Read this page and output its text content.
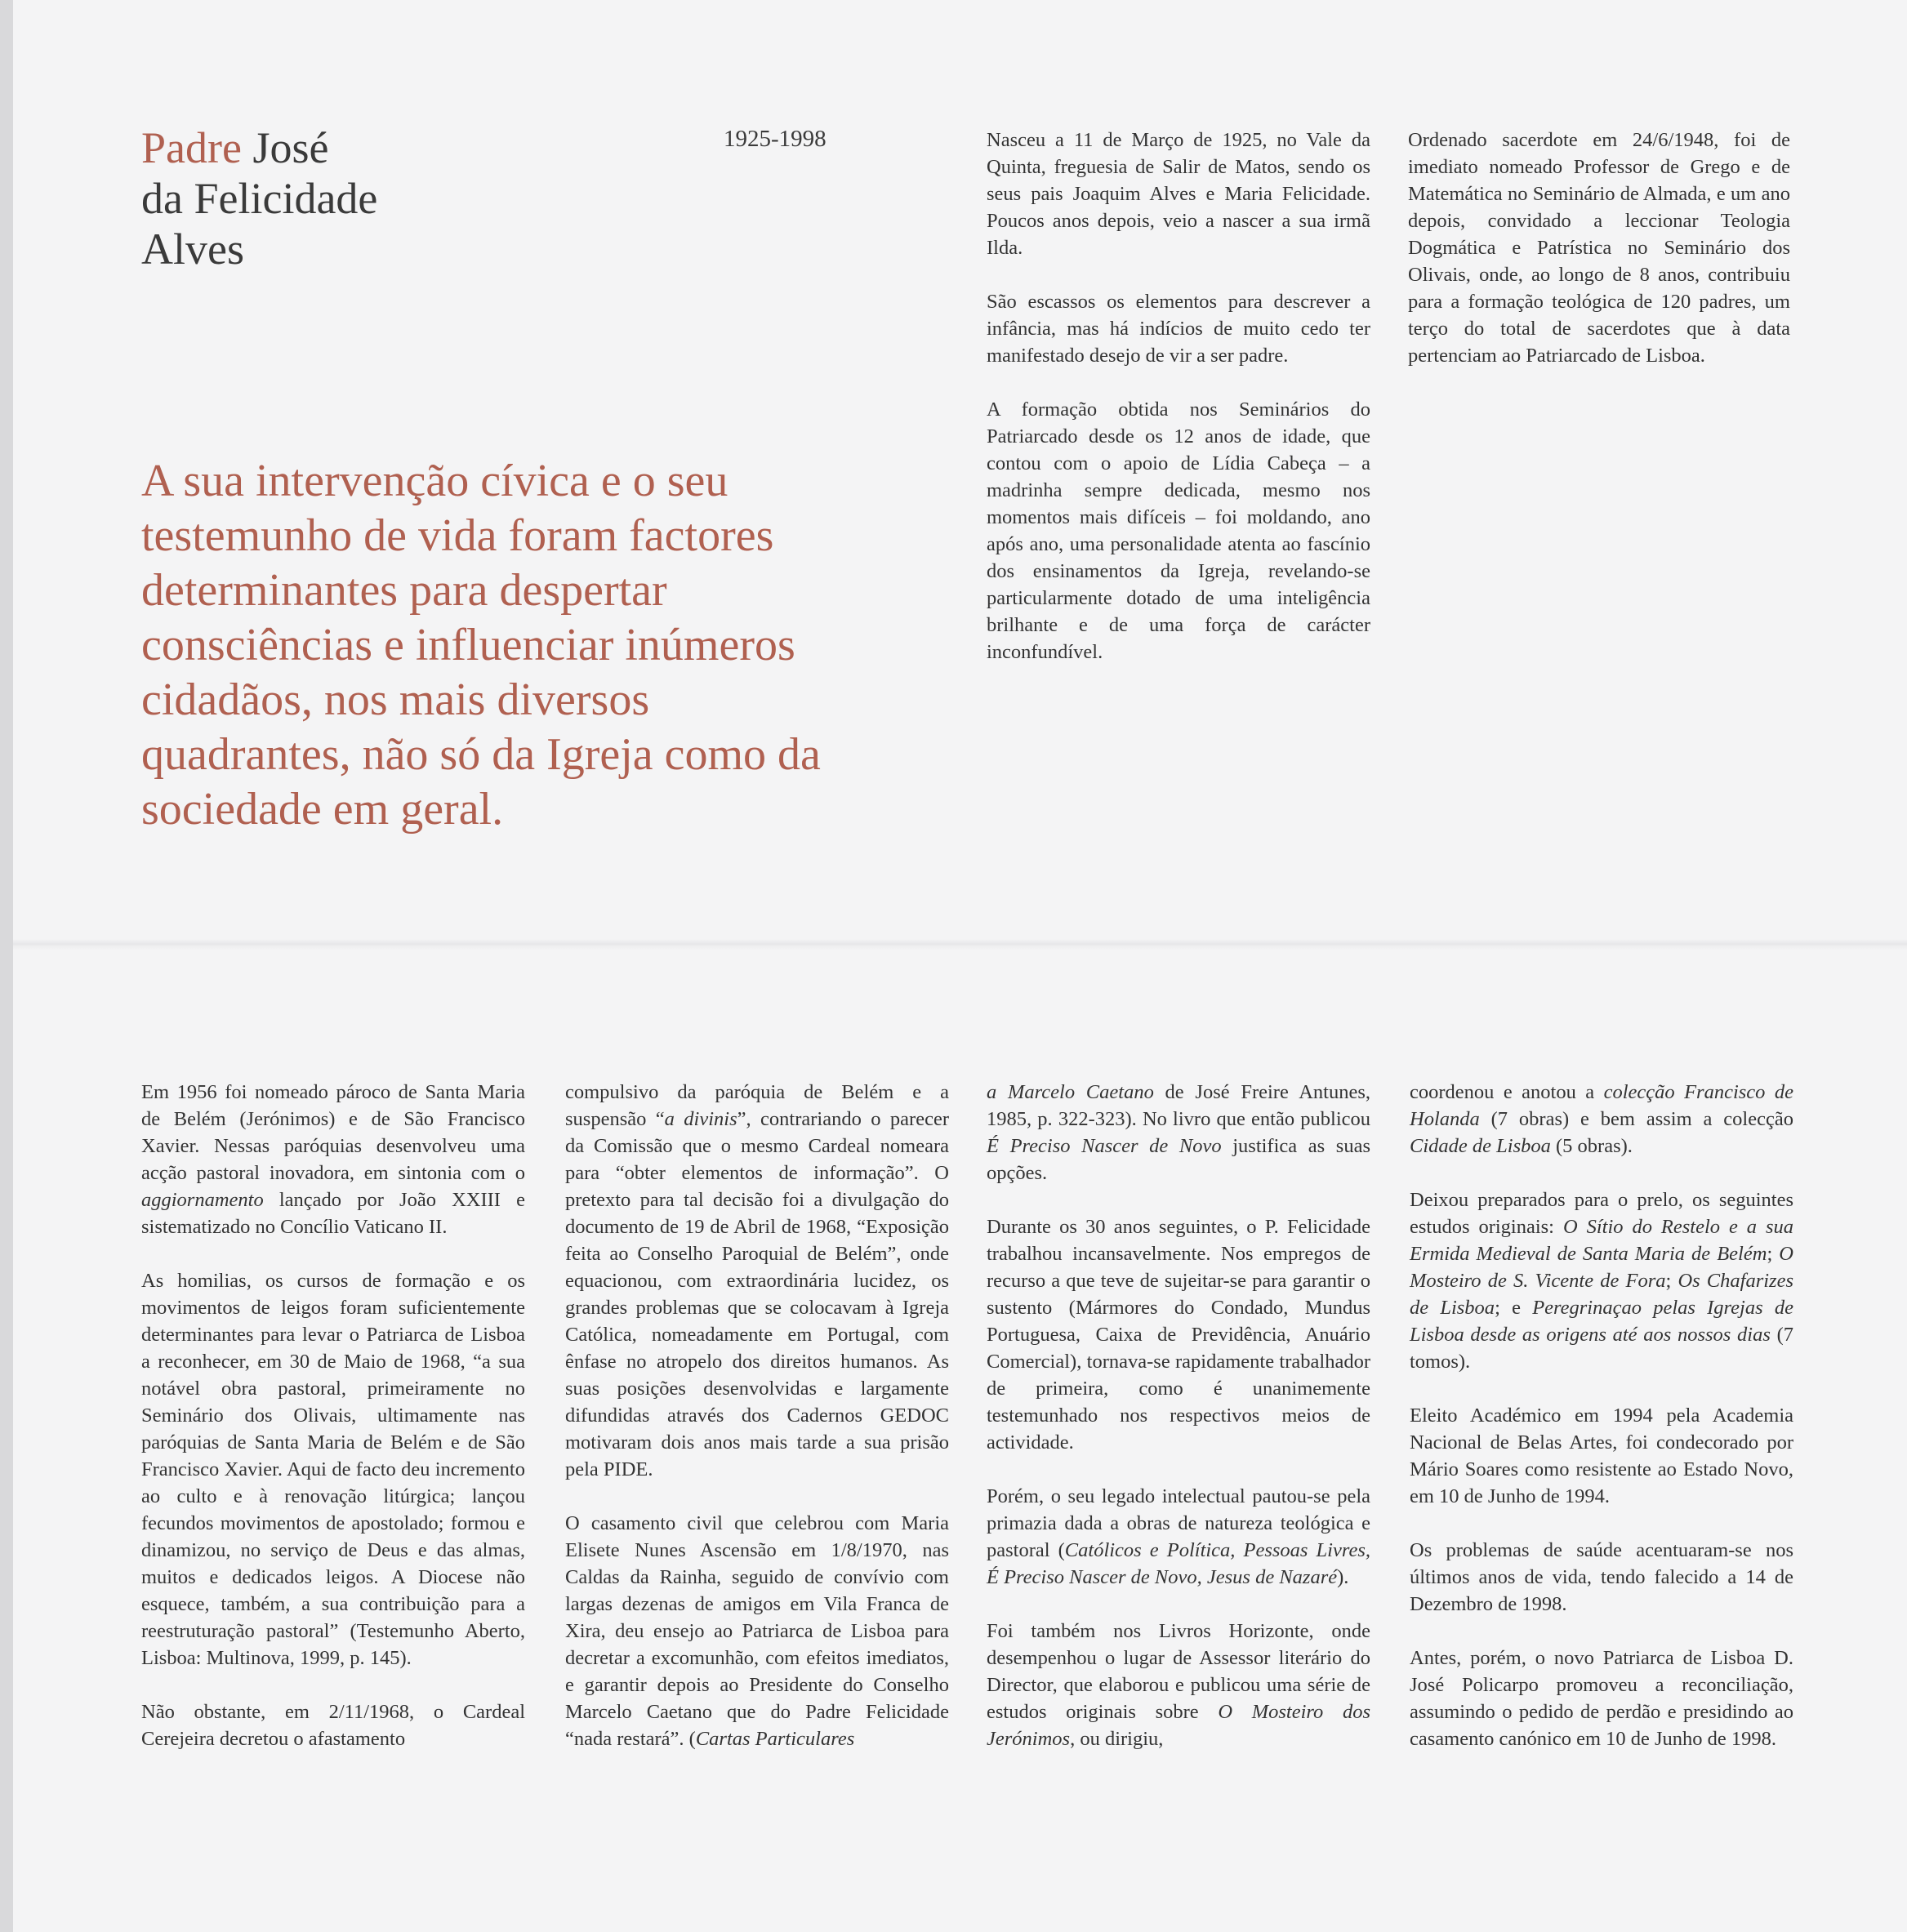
Padre José
da Felicidade
Alves
1925-1998
A sua intervenção cívica e o seu testemunho de vida foram factores determinantes para despertar consciências e influenciar inúmeros cidadãos, nos mais diversos quadrantes, não só da Igreja como da sociedade em geral.

Nasceu a 11 de Março de 1925, no Vale da Quinta, freguesia de Salir de Matos, sendo os seus pais Joaquim Alves e Maria Felicidade. Poucos anos depois, veio a nascer a sua irmã Ilda.

São escassos os elementos para descrever a infância, mas há indícios de muito cedo ter manifestado desejo de vir a ser padre.

A formação obtida nos Seminários do Patriarcado desde os 12 anos de idade, que contou com o apoio de Lídia Cabeça – a madrinha sempre dedicada, mesmo nos momentos mais difíceis – foi moldando, ano após ano, uma personalidade atenta ao fascínio dos ensinamentos da Igreja, revelando-se particularmente dotado de uma inteligência brilhante e de uma força de carácter inconfundível.

Ordenado sacerdote em 24/6/1948, foi de imediato nomeado Professor de Grego e de Matemática no Seminário de Almada, e um ano depois, convidado a leccionar Teologia Dogmática e Patrística no Seminário dos Olivais, onde, ao longo de 8 anos, contribuiu para a formação teológica de 120 padres, um terço do total de sacerdotes que à data pertenciam ao Patriarcado de Lisboa.

Em 1956 foi nomeado pároco de Santa Maria de Belém (Jerónimos) e de São Francisco Xavier. Nessas paróquias desenvolveu uma acção pastoral inovadora, em sintonia com o aggiornamento lançado por João XXIII e sistematizado no Concílio Vaticano II.

As homilias, os cursos de formação e os movimentos de leigos foram suficientemente determinantes para levar o Patriarca de Lisboa a reconhecer, em 30 de Maio de 1968, “a sua notável obra pastoral, primeiramente no Seminário dos Olivais, ultimamente nas paróquias de Santa Maria de Belém e de São Francisco Xavier. Aqui de facto deu incremento ao culto e à renovação litúrgica; lançou fecundos movimentos de apostolado; formou e dinamizou, no serviço de Deus e das almas, muitos e dedicados leigos. A Diocese não esquece, também, a sua contribuição para a reestruturação pastoral” (Testemunho Aberto, Lisboa: Multinova, 1999, p. 145).

Não obstante, em 2/11/1968, o Cardeal Cerejeira decretou o afastamento

compulsivo da paróquia de Belém e a suspensão “a divinis”, contrariando o parecer da Comissão que o mesmo Cardeal nomeara para “obter elementos de informação”. O pretexto para tal decisão foi a divulgação do documento de 19 de Abril de 1968, “Exposição feita ao Conselho Paroquial de Belém”, onde equacionou, com extraordinária lucidez, os grandes problemas que se colocavam à Igreja Católica, nomeadamente em Portugal, com ênfase no atropelo dos direitos humanos. As suas posições desenvolvidas e largamente difundidas através dos Cadernos GEDOC motivaram dois anos mais tarde a sua prisão pela PIDE.

O casamento civil que celebrou com Maria Elisete Nunes Ascensão em 1/8/1970, nas Caldas da Rainha, seguido de convívio com largas dezenas de amigos em Vila Franca de Xira, deu ensejo ao Patriarca de Lisboa para decretar a excomunhão, com efeitos imediatos, e garantir depois ao Presidente do Conselho Marcelo Caetano que do Padre Felicidade “nada restará”. (Cartas Particulares

a Marcelo Caetano de José Freire Antunes, 1985, p. 322-323). No livro que então publicou É Preciso Nascer de Novo justifica as suas opções.

Durante os 30 anos seguintes, o P. Felicidade trabalhou incansavelmente. Nos empregos de recurso a que teve de sujeitar-se para garantir o sustento (Mármores do Condado, Mundus Portuguesa, Caixa de Previdência, Anuário Comercial), tornava-se rapidamente trabalhador de primeira, como é unanimemente testemunhado nos respectivos meios de actividade.

Porém, o seu legado intelectual pautou-se pela primazia dada a obras de natureza teológica e pastoral (Católicos e Política, Pessoas Livres, É Preciso Nascer de Novo, Jesus de Nazaré).

Foi também nos Livros Horizonte, onde desempenhou o lugar de Assessor literário do Director, que elaborou e publicou uma série de estudos originais sobre O Mosteiro dos Jerónimos, ou dirigiu,

coordenou e anotou a colecção Francisco de Holanda (7 obras) e bem assim a colecção Cidade de Lisboa (5 obras).

Deixou preparados para o prelo, os seguintes estudos originais: O Sítio do Restelo e a sua Ermida Medieval de Santa Maria de Belém; O Mosteiro de S. Vicente de Fora; Os Chafarizes de Lisboa; e Peregrinaçao pelas Igrejas de Lisboa desde as origens até aos nossos dias (7 tomos).

Eleito Académico em 1994 pela Academia Nacional de Belas Artes, foi condecorado por Mário Soares como resistente ao Estado Novo, em 10 de Junho de 1994.

Os problemas de saúde acentuaram-se nos últimos anos de vida, tendo falecido a 14 de Dezembro de 1998.

Antes, porém, o novo Patriarca de Lisboa D. José Policarpo promoveu a reconciliação, assumindo o pedido de perdão e presidindo ao casamento canónico em 10 de Junho de 1998.
